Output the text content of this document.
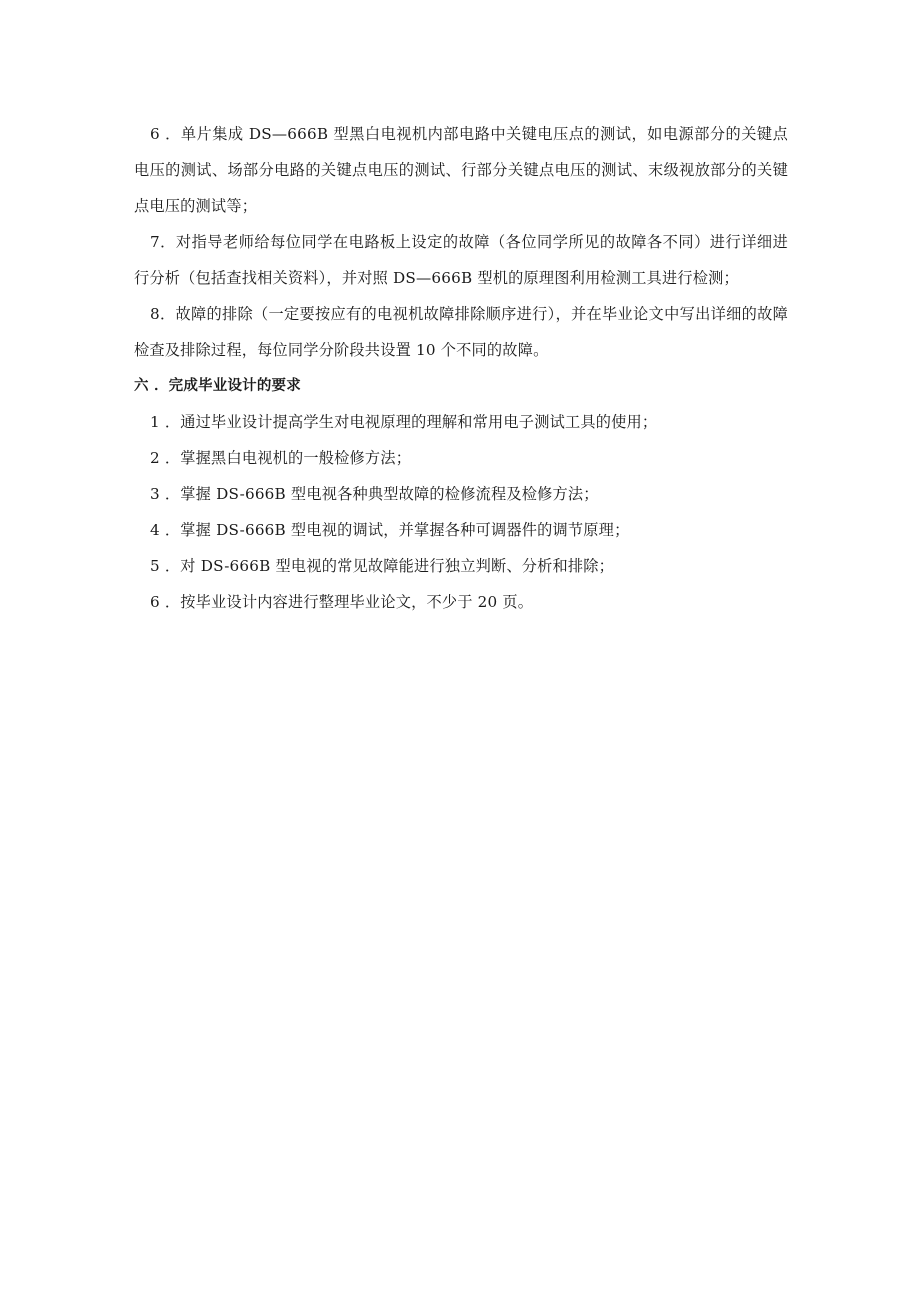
6 ．单片集成 DS—666B 型黑白电视机内部电路中关键电压点的测试，如电源部分的关键点电压的测试、场部分电路的关键点电压的测试、行部分关键点电压的测试、末级视放部分的关键点电压的测试等；

7．对指导老师给每位同学在电路板上设定的故障（各位同学所见的故障各不同）进行详细进行分析（包括查找相关资料），并对照 DS—666B 型机的原理图利用检测工具进行检测；

8．故障的排除（一定要按应有的电视机故障排除顺序进行），并在毕业论文中写出详细的故障检查及排除过程，每位同学分阶段共设置 10 个不同的故障。

六 ．完成毕业设计的要求

1 ．通过毕业设计提高学生对电视原理的理解和常用电子测试工具的使用；

2 ．掌握黑白电视机的一般检修方法；

3 ．掌握 DS-666B 型电视各种典型故障的检修流程及检修方法；

4 ．掌握 DS-666B 型电视的调试，并掌握各种可调器件的调节原理；

5 ．对 DS-666B 型电视的常见故障能进行独立判断、分析和排除；

6 ．按毕业设计内容进行整理毕业论文，不少于 20 页。
